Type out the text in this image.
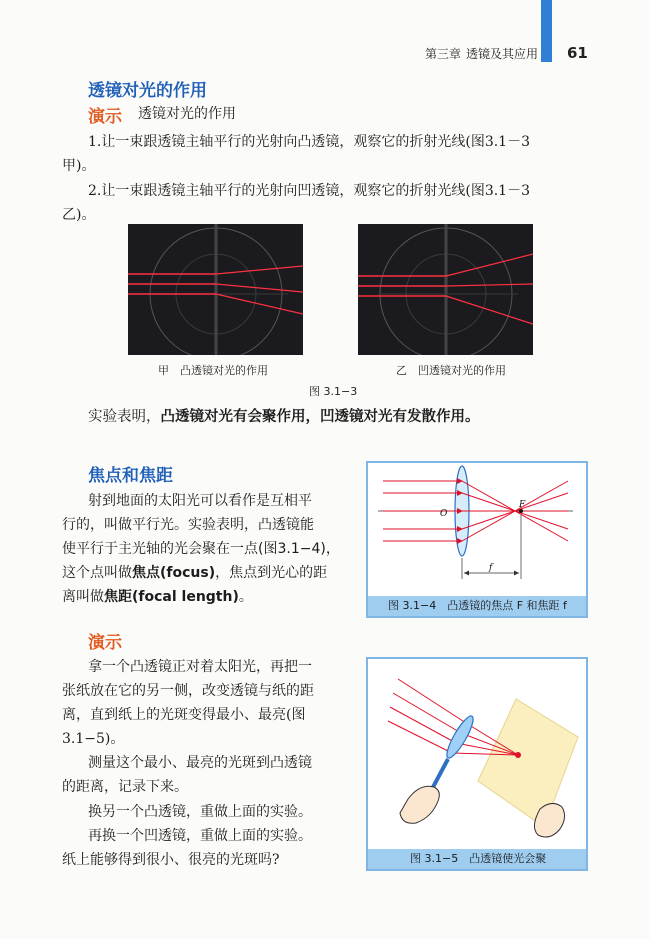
第三章 透镜及其应用 61
透镜对光的作用
演示 透镜对光的作用
1.让一束跟透镜主轴平行的光射向凸透镜，观察它的折射光线(图3.1－3
甲)。
2.让一束跟透镜主轴平行的光射向凹透镜，观察它的折射光线(图3.1－3
乙)。
甲　凸透镜对光的作用	乙　凹透镜对光的作用
图 3.1−3
实验表明，凸透镜对光有会聚作用，凹透镜对光有发散作用。
焦点和焦距
射到地面的太阳光可以看作是互相平
行的，叫做平行光。实验表明，凸透镜能
使平行于主光轴的光会聚在一点(图3.1−4)，
这个点叫做焦点(focus)，焦点到光心的距
离叫做焦距(focal length)。
O
F
f
图 3.1−4　凸透镜的焦点 F 和焦距 f
演示
拿一个凸透镜正对着太阳光，再把一
张纸放在它的另一侧，改变透镜与纸的距
离，直到纸上的光斑变得最小、最亮(图
3.1−5)。
测量这个最小、最亮的光斑到凸透镜
的距离，记录下来。
换另一个凸透镜，重做上面的实验。
再换一个凹透镜，重做上面的实验。
纸上能够得到很小、很亮的光斑吗?	图 3.1−5　凸透镜使光会聚
